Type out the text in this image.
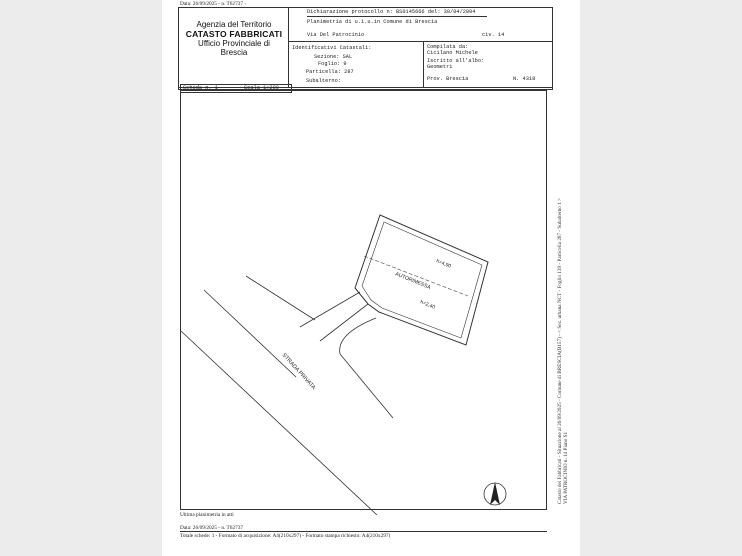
Data: 26/09/2025 - n. T62737 -
Agenzia del Territorio
CATASTO FABBRICATI
Ufficio Provinciale di
Brescia
Dichiarazione protocollo n: BS0145666 del: 30/04/2004
Planimetria di u.i.u.in Comune di Brescia
Via Del Patrocinio	civ. 14
Identificativi Catastali:
Sezione: SAL
Foglio: 9
Particella: 287
Subalterno:
Compilata da:
Cicilano Michele
Iscritto all'albo:
Geometri
Prov. Brescia	N. 4318
Scheda n. 1	Scala 1:200
AUTORIMESSA
h=4,90
h=2,40
STRADA PRIVATA
Ultima planimetria in atti
Data: 26/09/2025 - n. T62737
Totale schede: 1 - Formato di acquisizione: A4(210x297) - Formato stampa richiesto: A4(210x297)
Catasto dei Fabbricati - Situazione al 26/09/2025 - Comune di BRESCIA(B157) - < Sez. urbana NCT - Foglio 139 - Particella 287 - Subalterno 1 > VIA PATROCINIO n. 14 Piano S1
